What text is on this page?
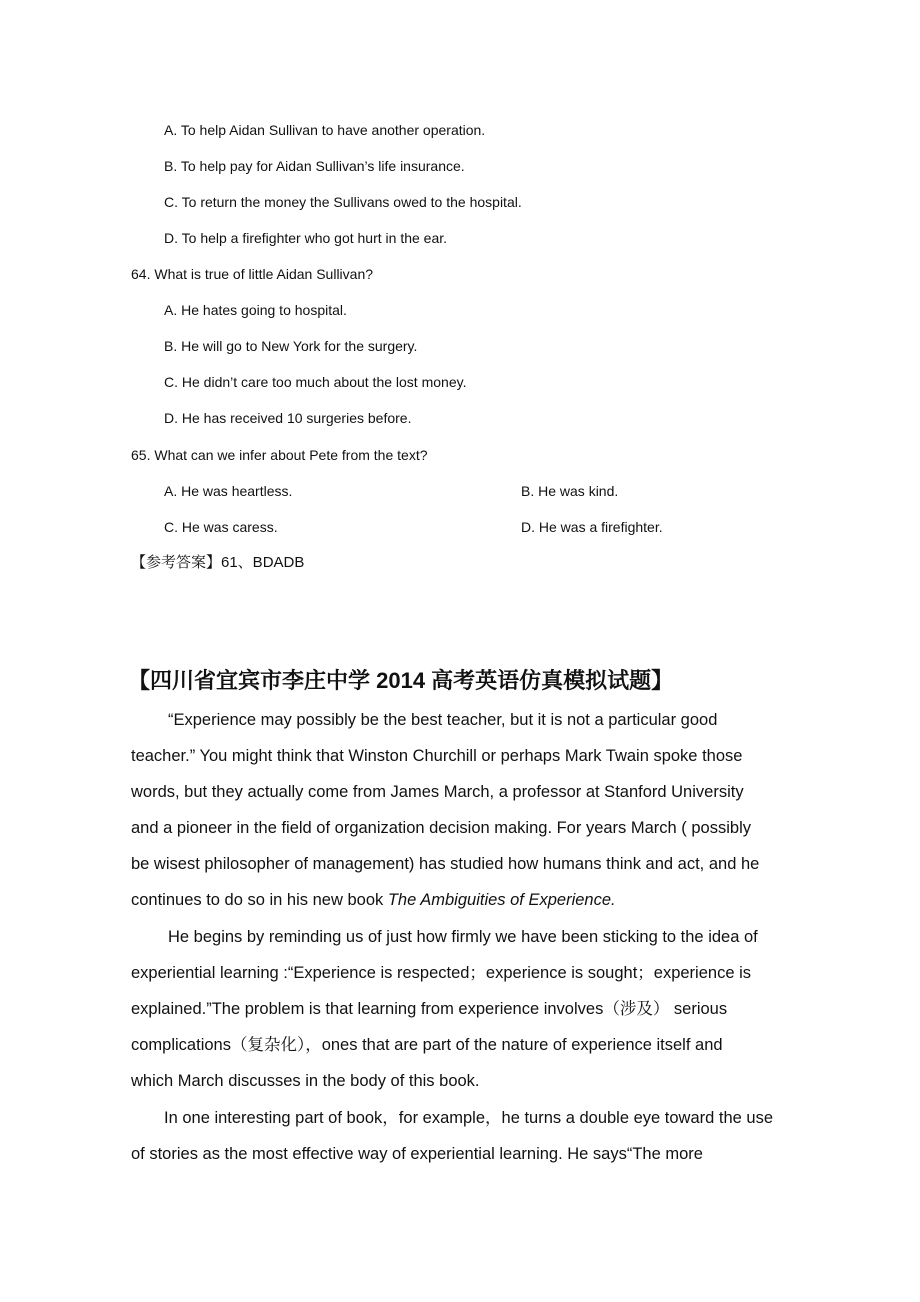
A. To help Aidan Sullivan to have another operation.
B. To help pay for Aidan Sullivan’s life insurance.
C. To return the money the Sullivans owed to the hospital.
D. To help a firefighter who got hurt in the ear.
64. What is true of little Aidan Sullivan?
A. He hates going to hospital.
B. He will go to New York for the surgery.
C. He didn’t care too much about the lost money.
D. He has received 10 surgeries before.
65. What can we infer about Pete from the text?
A. He was heartless.	B. He was kind.
C. He was caress.	D. He was a firefighter.
【参考答案】61、BDADB
【四川省宜宾市李庄中学 2014 高考英语仿真模拟试题】
“Experience may possibly be the best teacher, but it is not a particular good
teacher.” You might think that Winston Churchill or perhaps Mark Twain spoke those
words, but they actually come from James March, a professor at Stanford University
and a pioneer in the field of organization decision making. For years March ( possibly
be wisest philosopher of management) has studied how humans think and act, and he
continues to do so in his new book The Ambiguities of Experience.
He begins by reminding us of just how firmly we have been sticking to the idea of
experiential learning :“Experience is respected；experience is sought；experience is
explained.”The problem is that learning from experience involves（涉及） serious
complications（复杂化），ones that are part of the nature of experience itself and
which March discusses in the body of this book.
In one interesting part of book，for example，he turns a double eye toward the use
of stories as the most effective way of experiential learning. He says“The more
